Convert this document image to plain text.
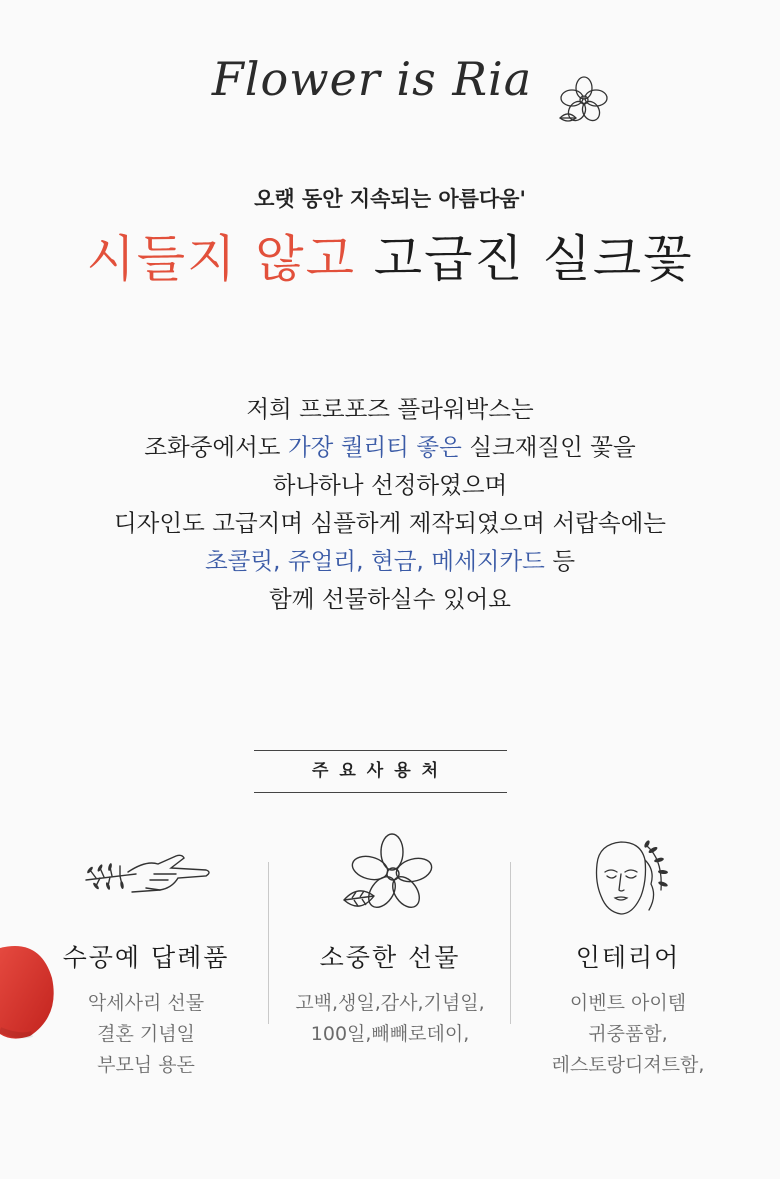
Flower is Ria
오랫 동안 지속되는 아름다움'
시들지 않고 고급진 실크꽃
저희 프로포즈 플라워박스는
조화중에서도 가장 퀄리티 좋은 실크재질인 꽃을
하나하나 선정하였으며
디자인도 고급지며 심플하게 제작되였으며 서랍속에는
초콜릿, 쥬얼리, 현금, 메세지카드 등
함께 선물하실수 있어요
주요사용처
수공예 답례품
악세사리 선물
결혼 기념일
부모님 용돈
소중한 선물
고백,생일,감사,기념일,
100일,빼빼로데이,
인테리어
이벤트 아이템
귀중품함,
레스토랑디져트함,
